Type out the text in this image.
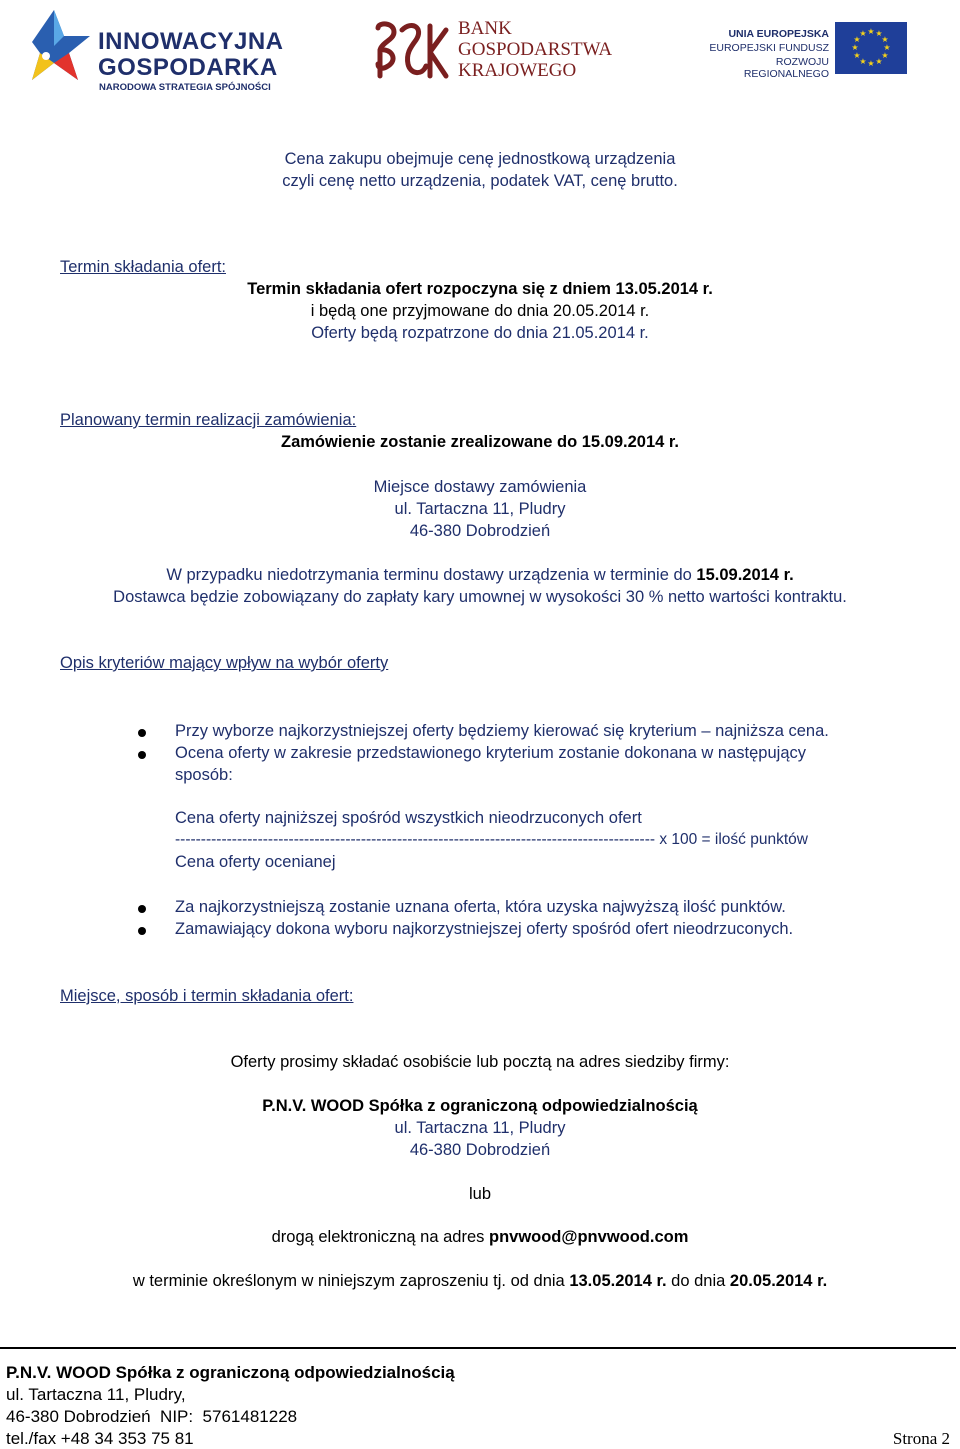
INNOWACYJNA
GOSPODARKA
NARODOWA STRATEGIA SPÓJNOŚCI
BANK
GOSPODARSTWA
KRAJOWEGO
UNIA EUROPEJSKA
EUROPEJSKI FUNDUSZ
ROZWOJU REGIONALNEGO
★ ★
★
★
★
★
★
★
★
★
★
★
Cena zakupu obejmuje cenę jednostkową urządzenia
czyli cenę netto urządzenia, podatek VAT, cenę brutto.
Termin składania ofert:
Termin składania ofert rozpoczyna się z dniem 13.05.2014 r.
i będą one przyjmowane do dnia 20.05.2014 r.
Oferty będą rozpatrzone do dnia 21.05.2014 r.
Planowany termin realizacji zamówienia:
Zamówienie zostanie zrealizowane do 15.09.2014 r.
Miejsce dostawy zamówienia
ul. Tartaczna 11, Pludry
46-380 Dobrodzień
W przypadku niedotrzymania terminu dostawy urządzenia w terminie do 15.09.2014 r.
Dostawca będzie zobowiązany do zapłaty kary umownej w wysokości 30 % netto wartości kontraktu.
Opis kryteriów mający wpływ na wybór oferty
Przy wyborze najkorzystniejszej oferty będziemy kierować się kryterium – najniższa cena.
Ocena oferty w zakresie przedstawionego kryterium zostanie dokonana w następujący
sposób:
Cena oferty najniższej spośród wszystkich nieodrzuconych ofert
--------------------------------------------------------------------------------------------- x 100 = ilość punktów
Cena oferty ocenianej
Za najkorzystniejszą zostanie uznana oferta, która uzyska najwyższą ilość punktów.
Zamawiający dokona wyboru najkorzystniejszej oferty spośród ofert nieodrzuconych.
Miejsce, sposób i termin składania ofert:
Oferty prosimy składać osobiście lub pocztą na adres siedziby firmy:
P.N.V. WOOD Spółka z ograniczoną odpowiedzialnością
ul. Tartaczna 11, Pludry
46-380 Dobrodzień
lub
drogą elektroniczną na adres pnvwood@pnvwood.com
w terminie określonym w niniejszym zaproszeniu tj. od dnia 13.05.2014 r. do dnia 20.05.2014 r.
P.N.V. WOOD Spółka z ograniczoną odpowiedzialnością
ul. Tartaczna 11, Pludry,
46-380 Dobrodzień  NIP:  5761481228
tel./fax +48 34 353 75 81	Strona 2
